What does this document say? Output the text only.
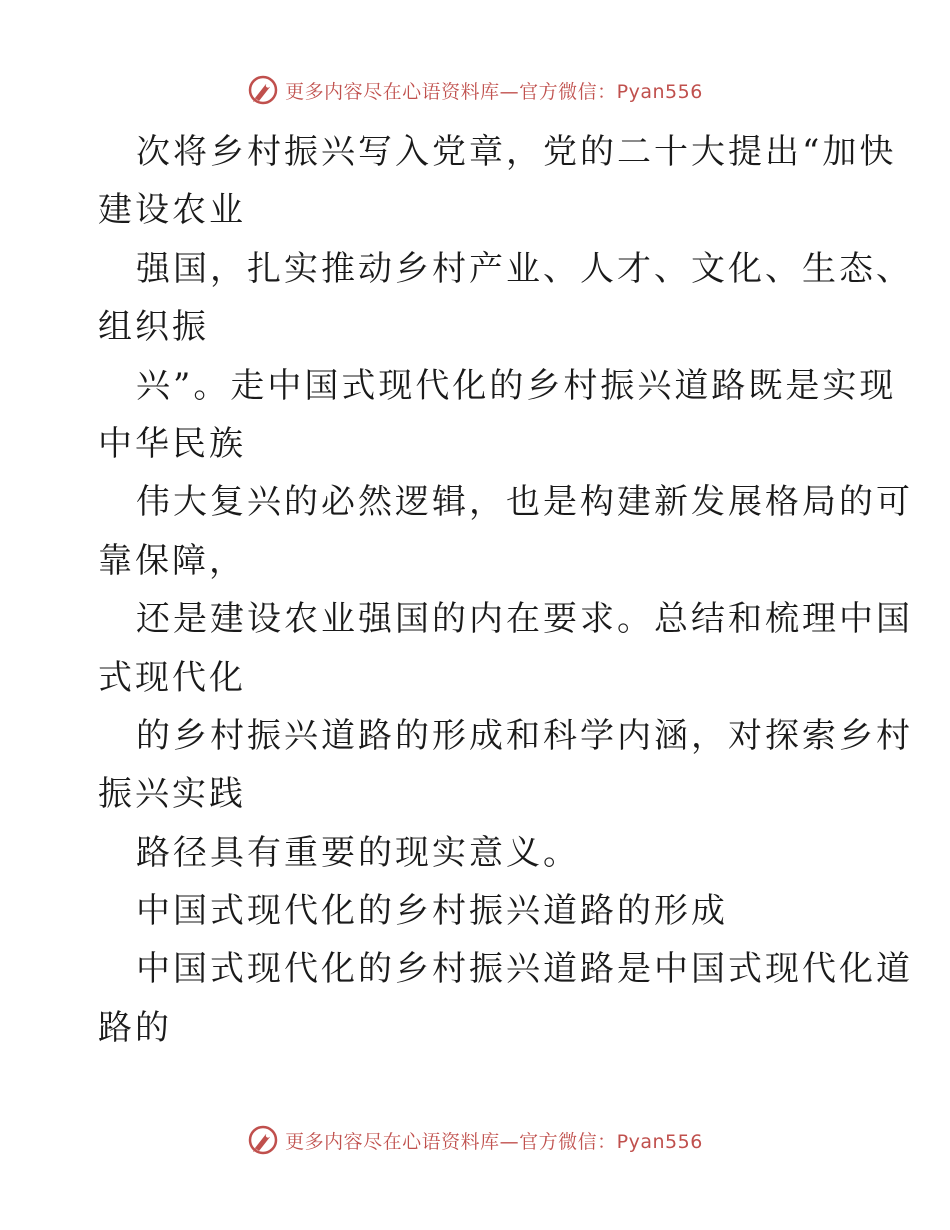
更多内容尽在心语资料库—官方微信：Pyan556
次将乡村振兴写入党章，党的二十大提出“加快
建设农业
强国，扎实推动乡村产业、人才、文化、生态、
组织振
兴”。走中国式现代化的乡村振兴道路既是实现
中华民族
伟大复兴的必然逻辑，也是构建新发展格局的可
靠保障，
还是建设农业强国的内在要求。总结和梳理中国
式现代化
的乡村振兴道路的形成和科学内涵，对探索乡村
振兴实践
路径具有重要的现实意义。
中国式现代化的乡村振兴道路的形成
中国式现代化的乡村振兴道路是中国式现代化道
路的
更多内容尽在心语资料库—官方微信：Pyan556
